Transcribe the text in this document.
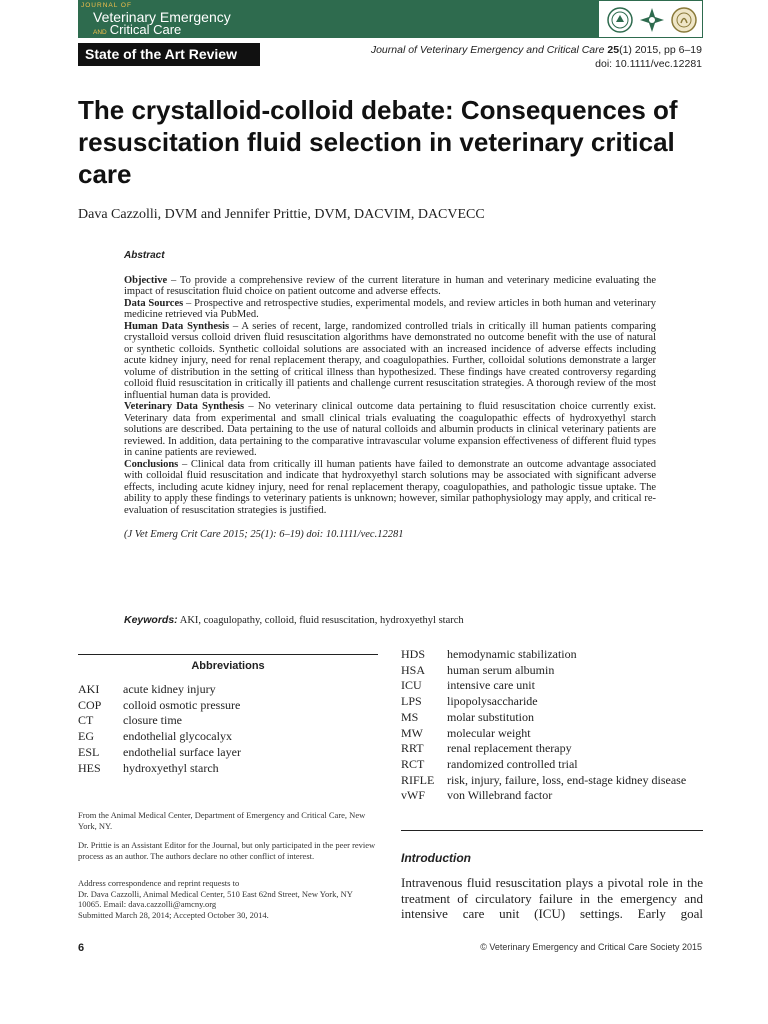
JOURNAL OF
Veterinary Emergency
AND Critical Care
State of the Art Review	Journal of Veterinary Emergency and Critical Care 25(1) 2015, pp 6–19
doi: 10.1111/vec.12281
The crystalloid-colloid debate: Consequences of resuscitation fluid selection in veterinary critical care
Dava Cazzolli, DVM and Jennifer Prittie, DVM, DACVIM, DACVECC
Abstract

Objective – To provide a comprehensive review of the current literature in human and veterinary medicine evaluating the impact of resuscitation fluid choice on patient outcome and adverse effects.

Data Sources – Prospective and retrospective studies, experimental models, and review articles in both human and veterinary medicine retrieved via PubMed.

Human Data Synthesis – A series of recent, large, randomized controlled trials in critically ill human patients comparing crystalloid versus colloid driven fluid resuscitation algorithms have demonstrated no outcome benefit with the use of natural or synthetic colloids. Synthetic colloidal solutions are associated with an increased incidence of adverse effects including acute kidney injury, need for renal replacement therapy, and coagulopathies. Further, colloidal solutions demonstrate a larger volume of distribution in the setting of critical illness than hypothesized. These findings have created controversy regarding colloid fluid resuscitation in critically ill patients and challenge current resuscitation strategies. A thorough review of the most influential human data is provided.

Veterinary Data Synthesis – No veterinary clinical outcome data pertaining to fluid resuscitation choice currently exist. Veterinary data from experimental and small clinical trials evaluating the coagulopathic effects of hydroxyethyl starch solutions are described. Data pertaining to the use of natural colloids and albumin products in clinical veterinary patients are reviewed. In addition, data pertaining to the comparative intravascular volume expansion effectiveness of different fluid types in canine patients are reviewed.

Conclusions – Clinical data from critically ill human patients have failed to demonstrate an outcome advantage associated with colloidal fluid resuscitation and indicate that hydroxyethyl starch solutions may be associated with significant adverse effects, including acute kidney injury, need for renal replacement therapy, coagulopathies, and pathologic tissue uptake. The ability to apply these findings to veterinary patients is unknown; however, similar pathophysiology may apply, and critical re-evaluation of resuscitation strategies is justified.

(J Vet Emerg Crit Care 2015; 25(1): 6–19) doi: 10.1111/vec.12281

Keywords: AKI, coagulopathy, colloid, fluid resuscitation, hydroxyethyl starch
Abbreviations
AKI	acute kidney injury
COP	colloid osmotic pressure
CT	closure time
EG	endothelial glycocalyx
ESL	endothelial surface layer
HES	hydroxyethyl starch
HDS	hemodynamic stabilization
HSA	human serum albumin
ICU	intensive care unit
LPS	lipopolysaccharide
MS	molar substitution
MW	molecular weight
RRT	renal replacement therapy
RCT	randomized controlled trial
RIFLE	risk, injury, failure, loss, end-stage kidney disease
vWF	von Willebrand factor

From the Animal Medical Center, Department of Emergency and Critical Care, New York, NY.

Dr. Prittie is an Assistant Editor for the Journal, but only participated in the peer review process as an author. The authors declare no other conflict of interest.

Address correspondence and reprint requests to

Dr. Dava Cazzolli, Animal Medical Center, 510 East 62nd Street, New York, NY 10065. Email: dava.cazzolli@amcny.org

Submitted March 28, 2014; Accepted October 30, 2014.

Introduction

Intravenous fluid resuscitation plays a pivotal role in the treatment of circulatory failure in the emergency and intensive care unit (ICU) settings. Early goal

6	© Veterinary Emergency and Critical Care Society 2015
